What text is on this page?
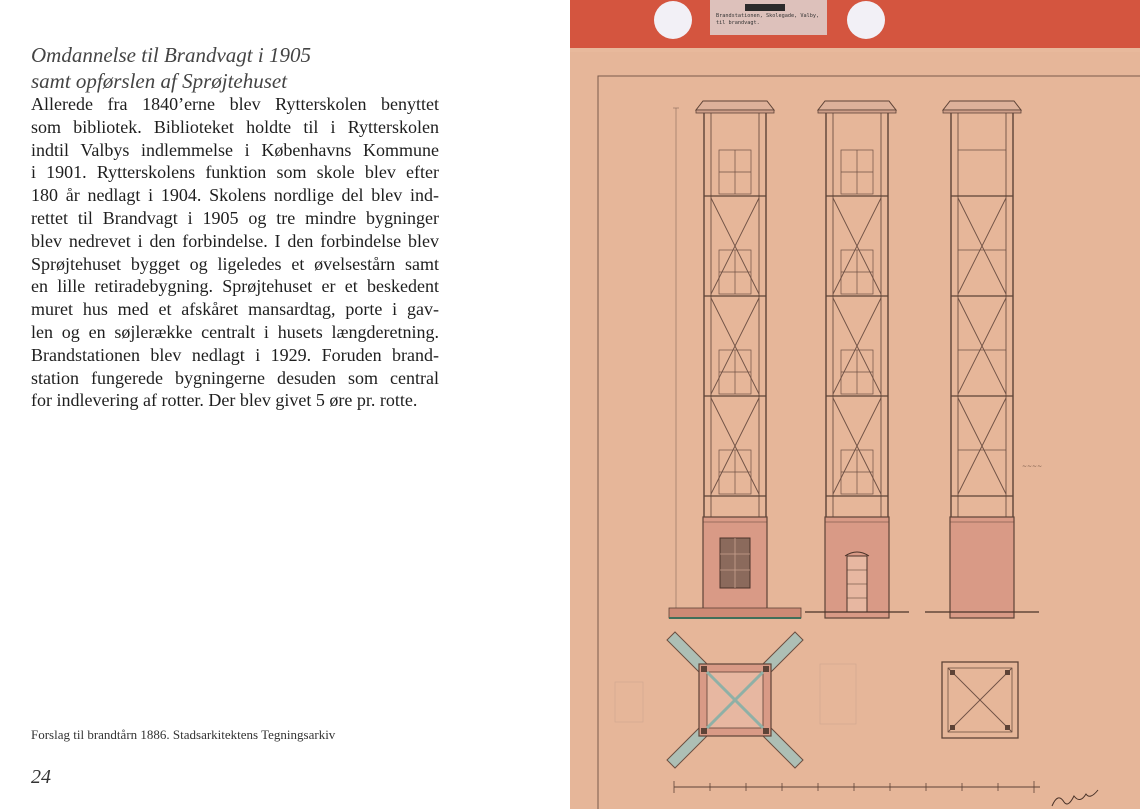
Omdannelse til Brandvagt i 1905
samt opførslen af Sprøjtehuset
Allerede fra 1840’erne blev Rytterskolen benyttet
som bibliotek. Biblioteket holdte til i Rytterskolen
indtil Valbys indlemmelse i Københavns Kommune
i 1901. Rytterskolens funktion som skole blev efter
180 år nedlagt i 1904. Skolens nordlige del blev ind-
rettet til Brandvagt i 1905 og tre mindre bygninger
blev nedrevet i den forbindelse. I den forbindelse blev
Sprøjtehuset bygget og ligeledes et øvelsestårn samt
en lille retiradebygning. Sprøjtehuset er et beskedent
muret hus med et afskåret mansardtag, porte i gav-
len og en søjlerække centralt i husets længderetning.
Brandstationen blev nedlagt i 1929. Foruden brand-
station fungerede bygningerne desuden som central
for indlevering af rotter. Der blev givet 5 øre pr. rotte.
Forslag til brandtårn 1886. Stadsarkitektens Tegningsarkiv
24
Brandstationen, Skolegade, Valby,
til brandvagt.
~~~~
